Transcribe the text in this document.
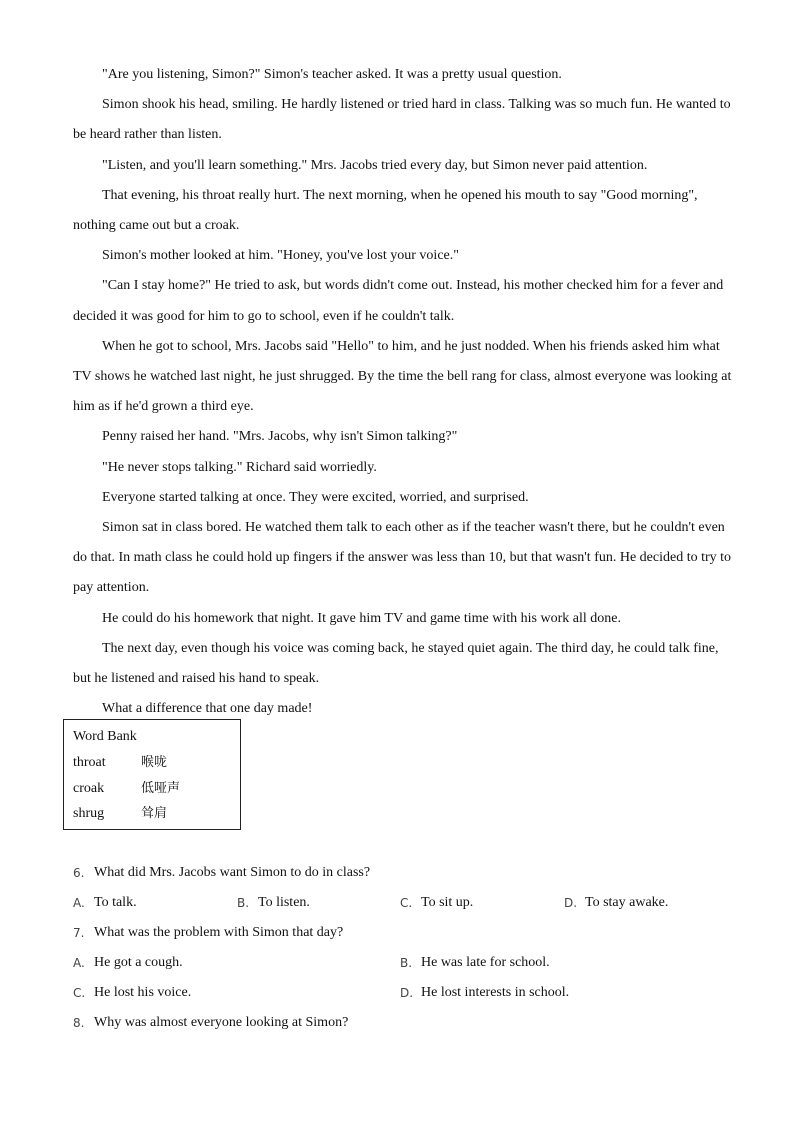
"Are you listening, Simon?" Simon's teacher asked. It was a pretty usual question.

Simon shook his head, smiling. He hardly listened or tried hard in class. Talking was so much fun. He wanted to be heard rather than listen.

"Listen, and you'll learn something." Mrs. Jacobs tried every day, but Simon never paid attention.

That evening, his throat really hurt. The next morning, when he opened his mouth to say "Good morning", nothing came out but a croak.

Simon's mother looked at him. "Honey, you've lost your voice."

"Can I stay home?" He tried to ask, but words didn't come out. Instead, his mother checked him for a fever and decided it was good for him to go to school, even if he couldn't talk.

When he got to school, Mrs. Jacobs said "Hello" to him, and he just nodded. When his friends asked him what TV shows he watched last night, he just shrugged. By the time the bell rang for class, almost everyone was looking at him as if he'd grown a third eye.

Penny raised her hand. "Mrs. Jacobs, why isn't Simon talking?"

"He never stops talking." Richard said worriedly.

Everyone started talking at once. They were excited, worried, and surprised.

Simon sat in class bored. He watched them talk to each other as if the teacher wasn't there, but he couldn't even do that. In math class he could hold up fingers if the answer was less than 10, but that wasn't fun. He decided to try to pay attention.

He could do his homework that night. It gave him TV and game time with his work all done.

The next day, even though his voice was coming back, he stayed quiet again. The third day, he could talk fine, but he listened and raised his hand to speak.

What a difference that one day made!

Word Bank
throat	喉咙
croak	低哑声
shrug	耸肩
6. What did Mrs. Jacobs want Simon to do in class?
A. To talk.	B. To listen.	C. To sit up.	D. To stay awake.
7. What was the problem with Simon that day?
A. He got a cough.	B. He was late for school.
C. He lost his voice.	D. He lost interests in school.
8. Why was almost everyone looking at Simon?
